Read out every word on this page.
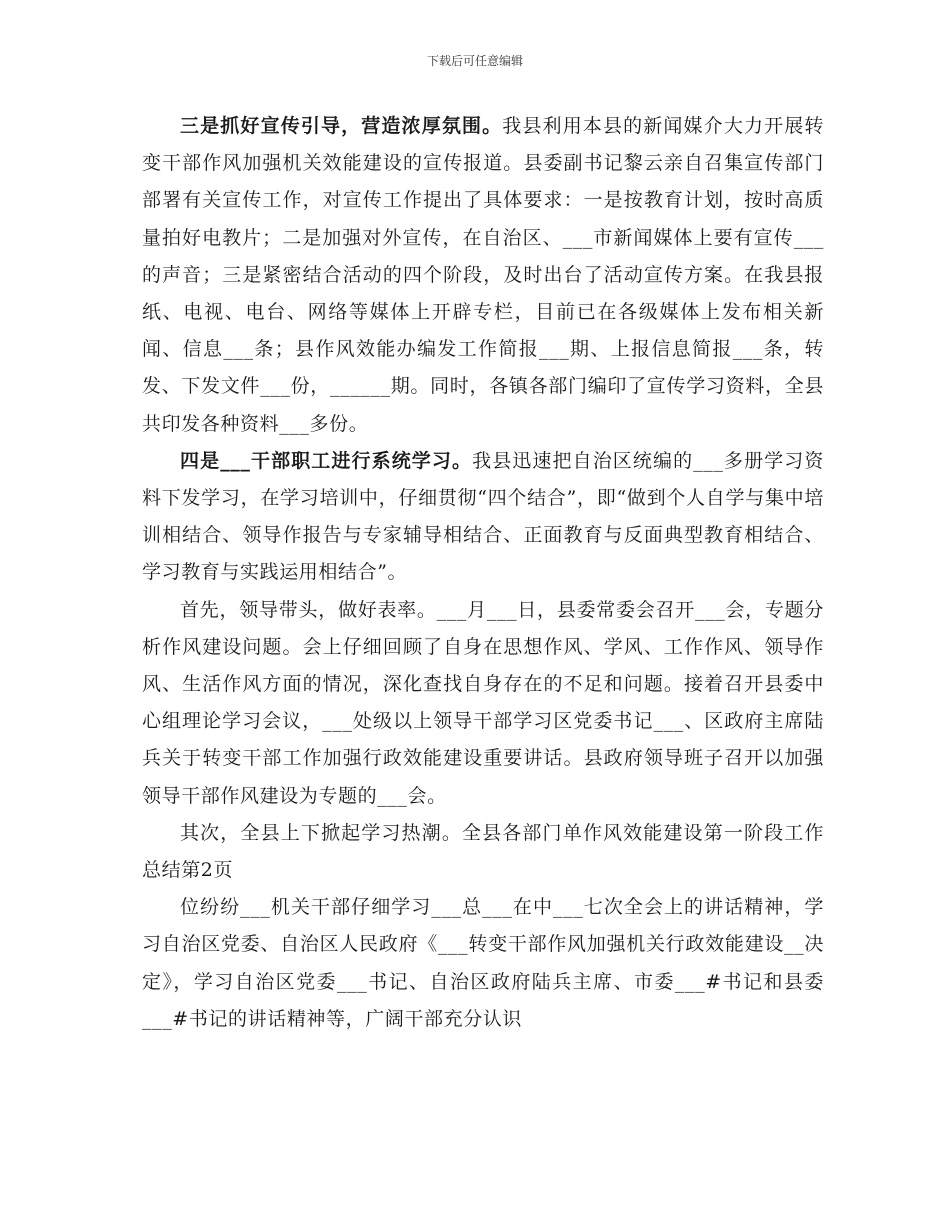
下载后可任意编辑

三是抓好宣传引导，营造浓厚氛围。我县利用本县的新闻媒介大力开展转变干部作风加强机关效能建设的宣传报道。县委副书记黎云亲自召集宣传部门部署有关宣传工作，对宣传工作提出了具体要求：一是按教育计划，按时高质量拍好电教片；二是加强对外宣传，在自治区、___市新闻媒体上要有宣传___的声音；三是紧密结合活动的四个阶段，及时出台了活动宣传方案。在我县报纸、电视、电台、网络等媒体上开辟专栏，目前已在各级媒体上发布相关新闻、信息___条；县作风效能办编发工作简报___期、上报信息简报___条，转发、下发文件___份，______期。同时，各镇各部门编印了宣传学习资料，全县共印发各种资料___多份。

四是___干部职工进行系统学习。我县迅速把自治区统编的___多册学习资料下发学习，在学习培训中，仔细贯彻“四个结合”，即“做到个人自学与集中培训相结合、领导作报告与专家辅导相结合、正面教育与反面典型教育相结合、学习教育与实践运用相结合”。

首先，领导带头，做好表率。___月___日，县委常委会召开___会，专题分析作风建设问题。会上仔细回顾了自身在思想作风、学风、工作作风、领导作风、生活作风方面的情况，深化查找自身存在的不足和问题。接着召开县委中心组理论学习会议，___处级以上领导干部学习区党委书记___、区政府主席陆兵关于转变干部工作加强行政效能建设重要讲话。县政府领导班子召开以加强领导干部作风建设为专题的___会。

其次，全县上下掀起学习热潮。全县各部门单作风效能建设第一阶段工作总结第2页

位纷纷___机关干部仔细学习___总___在中___七次全会上的讲话精神，学习自治区党委、自治区人民政府《___转变干部作风加强机关行政效能建设__决定》，学习自治区党委___书记、自治区政府陆兵主席、市委___#书记和县委___#书记的讲话精神等，广阔干部充分认识
